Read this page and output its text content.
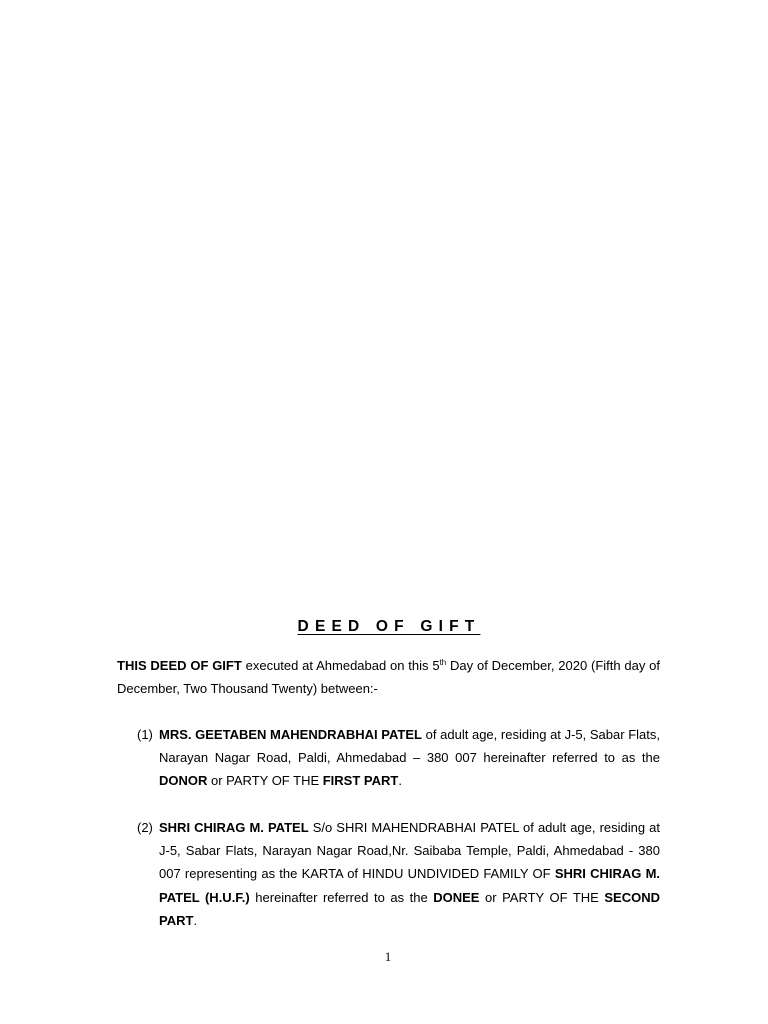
DEED OF GIFT
THIS DEED OF GIFT executed at Ahmedabad on this 5th Day of December, 2020 (Fifth day of December, Two Thousand Twenty) between:-
(1) MRS. GEETABEN MAHENDRABHAI PATEL of adult age, residing at J-5, Sabar Flats, Narayan Nagar Road, Paldi, Ahmedabad – 380 007 hereinafter referred to as the DONOR or PARTY OF THE FIRST PART.
(2) SHRI CHIRAG M. PATEL S/o SHRI MAHENDRABHAI PATEL of adult age, residing at J-5, Sabar Flats, Narayan Nagar Road,Nr. Saibaba Temple, Paldi, Ahmedabad - 380 007 representing as the KARTA of HINDU UNDIVIDED FAMILY OF SHRI CHIRAG M. PATEL (H.U.F.) hereinafter referred to as the DONEE or PARTY OF THE SECOND PART.
1
